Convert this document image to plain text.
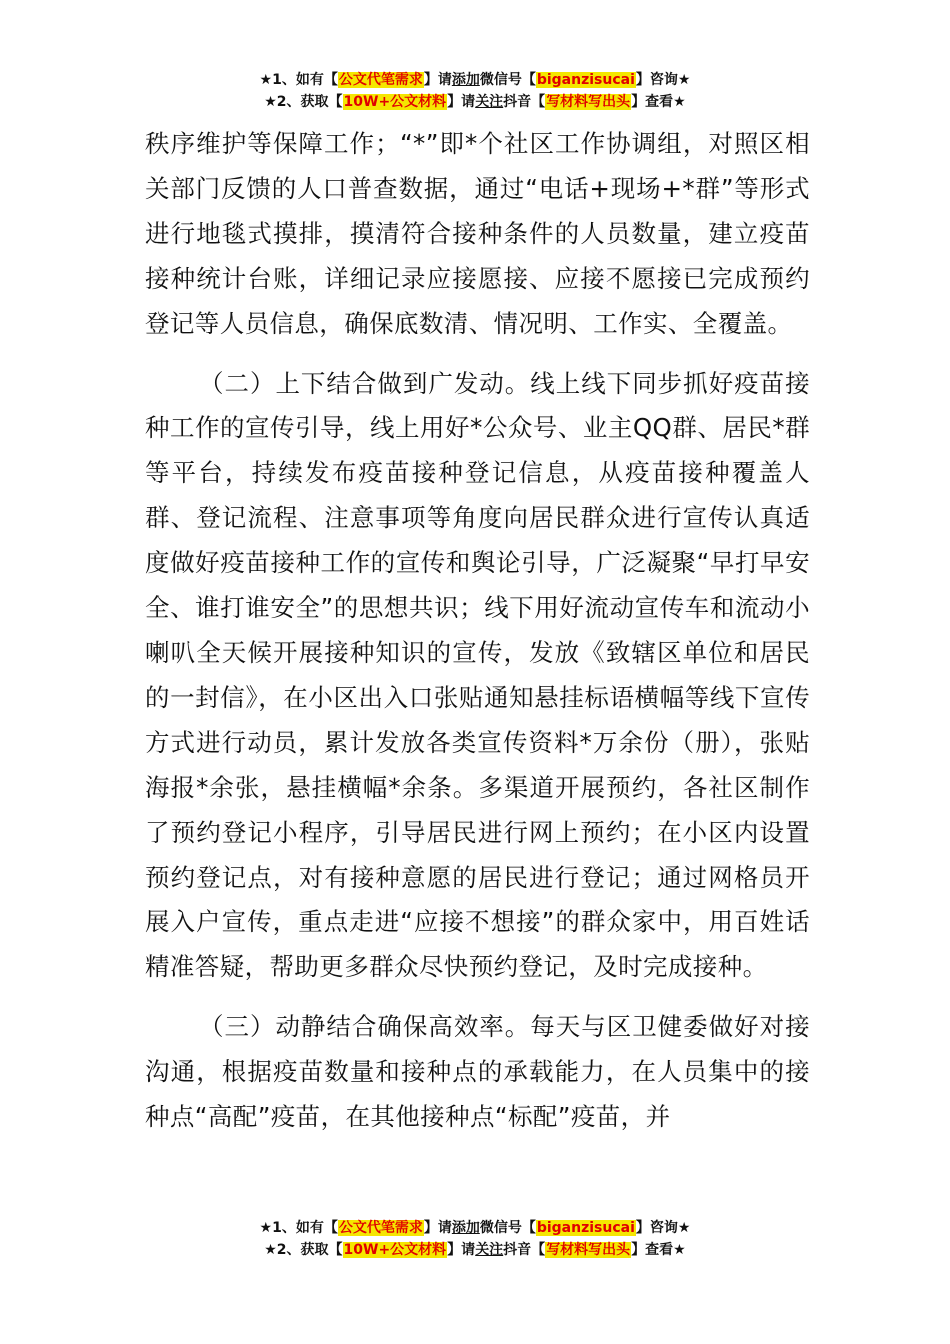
★1、如有【公文代笔需求】请添加微信号【biganzisucai】咨询★
★2、获取【10W+公文材料】请关注抖音【写材料写出头】查看★

秩序维护等保障工作；“*”即*个社区工作协调组，对照区相关部门反馈的人口普查数据，通过“电话+现场+*群”等形式进行地毯式摸排，摸清符合接种条件的人员数量，建立疫苗接种统计台账，详细记录应接愿接、应接不愿接已完成预约登记等人员信息，确保底数清、情况明、工作实、全覆盖。

（二）上下结合做到广发动。线上线下同步抓好疫苗接种工作的宣传引导，线上用好*公众号、业主QQ群、居民*群等平台，持续发布疫苗接种登记信息，从疫苗接种覆盖人群、登记流程、注意事项等角度向居民群众进行宣传认真适度做好疫苗接种工作的宣传和舆论引导，广泛凝聚“早打早安全、谁打谁安全”的思想共识；线下用好流动宣传车和流动小喇叭全天候开展接种知识的宣传，发放《致辖区单位和居民的一封信》，在小区出入口张贴通知悬挂标语横幅等线下宣传方式进行动员，累计发放各类宣传资料*万余份（册），张贴海报*余张，悬挂横幅*余条。多渠道开展预约，各社区制作了预约登记小程序，引导居民进行网上预约；在小区内设置预约登记点，对有接种意愿的居民进行登记；通过网格员开展入户宣传，重点走进“应接不想接”的群众家中，用百姓话精准答疑，帮助更多群众尽快预约登记，及时完成接种。

（三）动静结合确保高效率。每天与区卫健委做好对接沟通，根据疫苗数量和接种点的承载能力，在人员集中的接种点“高配”疫苗，在其他接种点“标配”疫苗，并

★1、如有【公文代笔需求】请添加微信号【biganzisucai】咨询★
★2、获取【10W+公文材料】请关注抖音【写材料写出头】查看★
